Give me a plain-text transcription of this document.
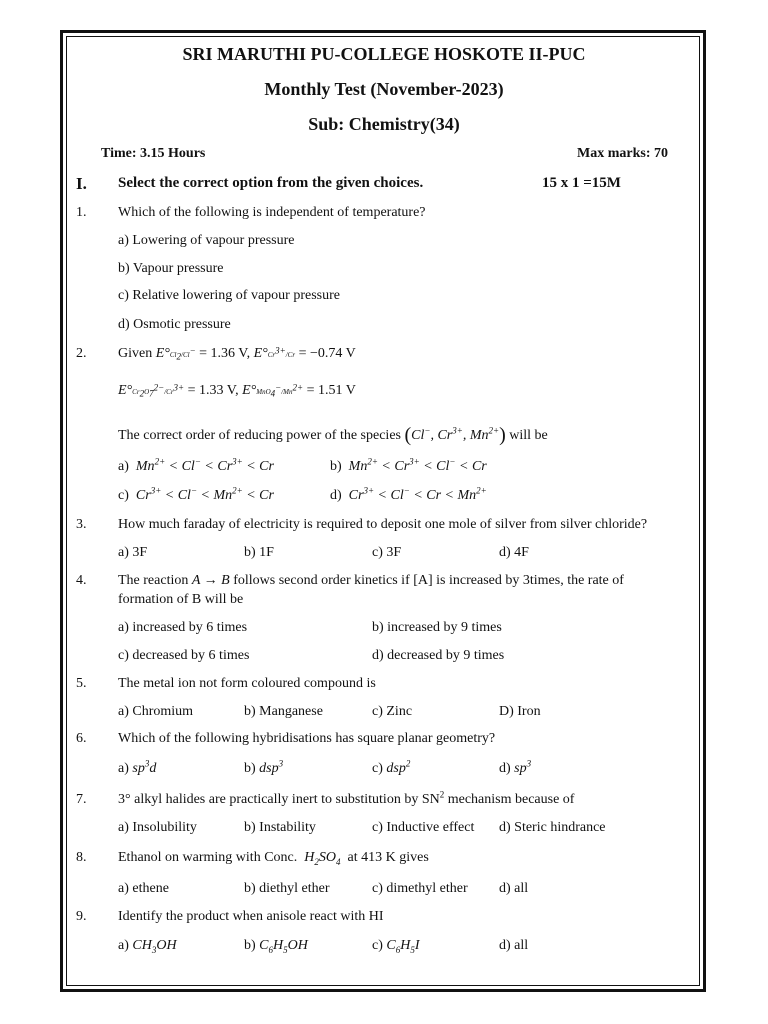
SRI MARUTHI PU-COLLEGE HOSKOTE II-PUC
Monthly Test (November-2023)
Sub: Chemistry(34)
Time: 3.15 Hours	Max marks: 70
I. Select the correct option from the given choices.	15 x 1 =15M
1. Which of the following is independent of temperature?
a) Lowering of vapour pressure
b) Vapour pressure
c) Relative lowering of vapour pressure
d) Osmotic pressure
2. Given $E^\circ Cl_2/Cl^- = 1.36$ V, $E^\circ Cr^{3+}/Cr = -0.74$ V
$E^\circ Cr_2O_7^{2-}/Cr^{3+} = 1.33$ V, $E^\circ MnO_4^-/Mn^{2+} = 1.51$ V
The correct order of reducing power of the species (Cl−, $Cr^{3+}$, $Mn^{2+}$) will be
a) $Mn^{2+} < Cl^- < Cr^{3+} < Cr$	b) $Mn^{2+} < Cr^{3+} < Cl^- < Cr$
c) $Cr^{3+} < Cl^- < Mn^{2+} < Cr$	d) $Cr^{3+} < Cl^- < Cr < Mn^{2+}$
3. How much faraday of electricity is required to deposit one mole of silver from silver chloride?
a) 3F	b) 1F	c) 3F	d) 4F
4. The reaction A → B follows second order kinetics if [A] is increased by 3times, the rate of
formation of B will be
a) increased by 6 times	b) increased by 9 times
c) decreased by 6 times	d) decreased by 9 times
5. The metal ion not form coloured compound is
a) Chromium	b) Manganese	c) Zinc	D) Iron
6. Which of the following hybridisations has square planar geometry?
a) $sp^3d$	b) dsp$^3$	c) dsp$^2$	d) $sp^3$
7. 3° alkyl halides are practically inert to substitution by $SN^2$ mechanism because of
a) Insolubility	b) Instability	c) Inductive effect d) Steric hindrance
8. Ethanol on warming with Conc. $H_2SO_4$ at 413 K gives
a) ethene	b) diethyl ether	c) dimethyl ether d) all
9. Identify the product when anisole react with HI
a) $CH_3OH$	b) $C_6H_5OH$	c) $C_6H_5I$	d) all
